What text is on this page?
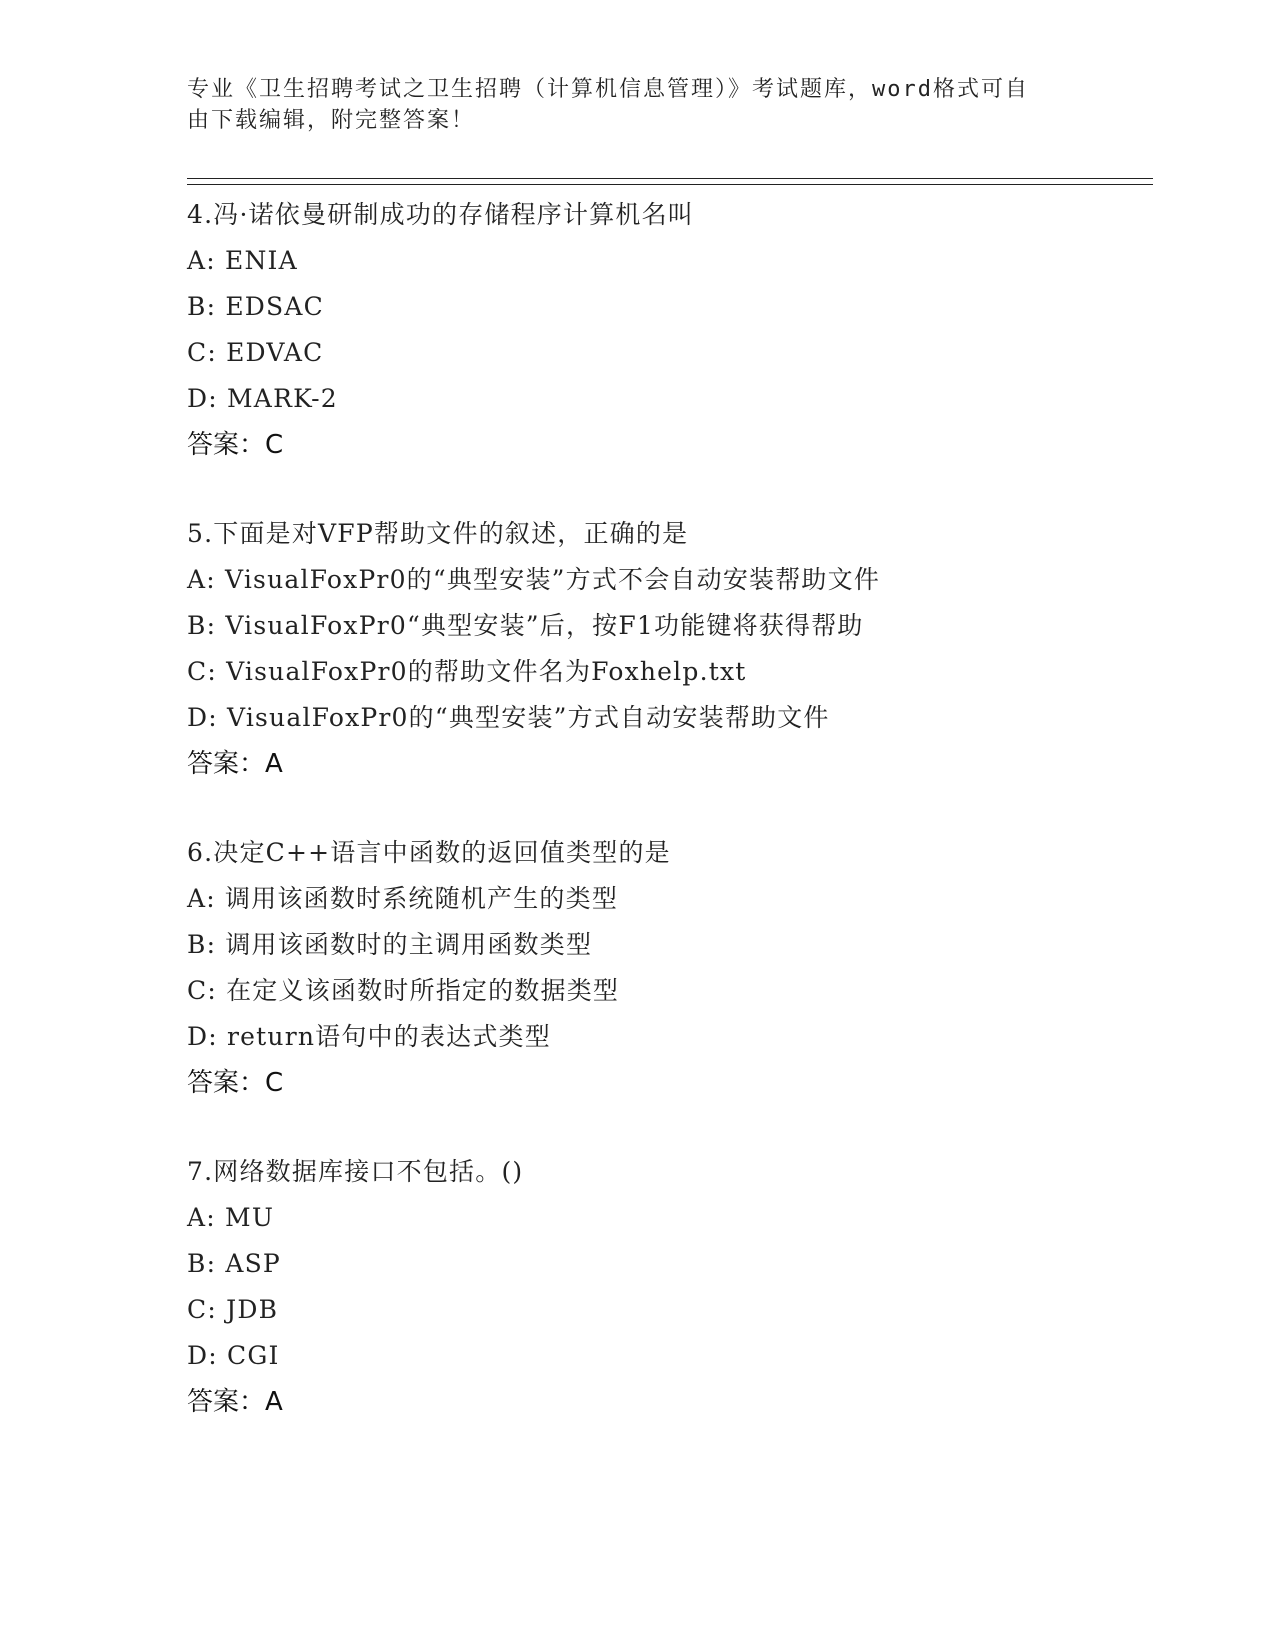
专业《卫生招聘考试之卫生招聘（计算机信息管理）》考试题库，word格式可自

由下载编辑，附完整答案！

4.冯·诺依曼研制成功的存储程序计算机名叫
A: ENIA
B: EDSAC
C: EDVAC
D: MARK-2
答案：C
5.下面是对VFP帮助文件的叙述，正确的是
A: VisualFoxPr0的“典型安装”方式不会自动安装帮助文件
B: VisualFoxPr0“典型安装”后，按F1功能键将获得帮助
C: VisualFoxPr0的帮助文件名为Foxhelp.txt
D: VisualFoxPr0的“典型安装”方式自动安装帮助文件
答案：A
6.决定C++语言中函数的返回值类型的是
A: 调用该函数时系统随机产生的类型
B: 调用该函数时的主调用函数类型
C: 在定义该函数时所指定的数据类型
D: return语句中的表达式类型
答案：C
7.网络数据库接口不包括。()
A: MU
B: ASP
C: JDB
D: CGI
答案：A
